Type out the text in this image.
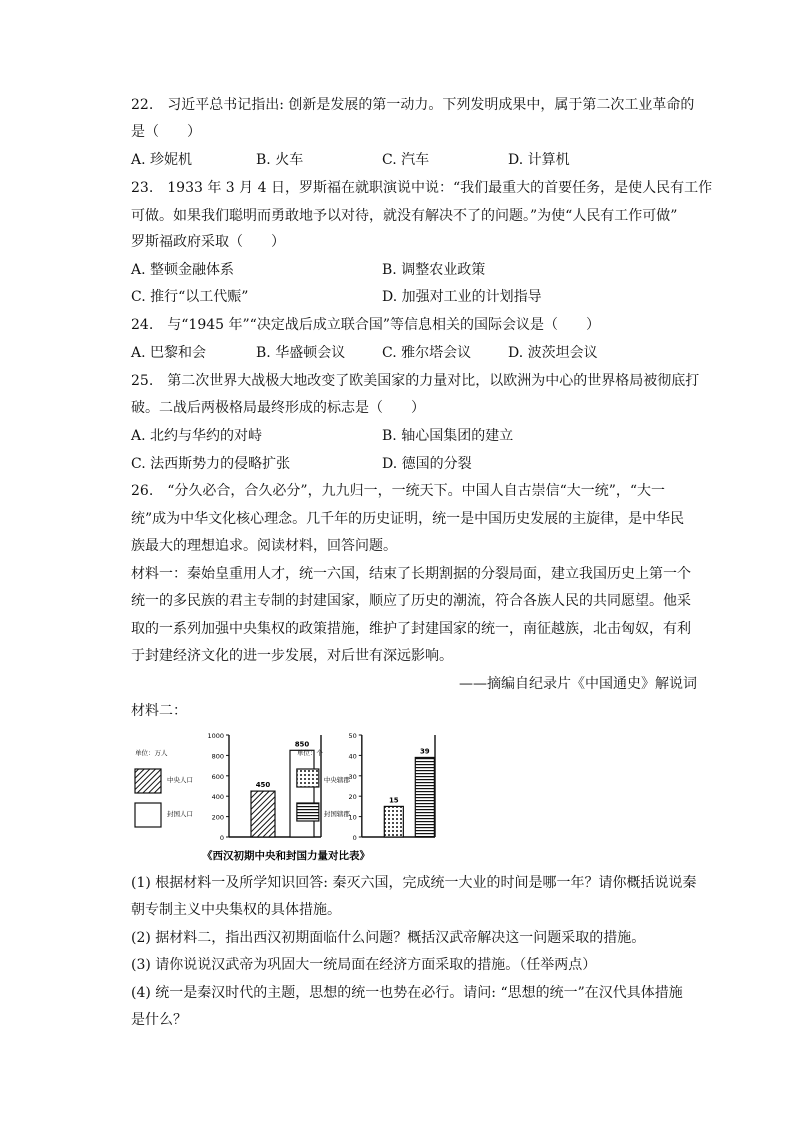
22.　习近平总书记指出: 创新是发展的第一动力。下列发明成果中，属于第二次工业革命的
是（　　）
A. 珍妮机	B. 火车	C. 汽车	D. 计算机
23.　1933 年 3 月 4 日，罗斯福在就职演说中说：“我们最重大的首要任务，是使人民有工作
可做。如果我们聪明而勇敢地予以对待，就没有解决不了的问题。”为使“人民有工作可做”
罗斯福政府采取（　　）
A. 整顿金融体系	B. 调整农业政策
C. 推行“以工代赈”	D. 加强对工业的计划指导
24.　与“1945 年”“决定战后成立联合国”等信息相关的国际会议是（　　）
A. 巴黎和会	B. 华盛顿会议	C. 雅尔塔会议	D. 波茨坦会议
25.　第二次世界大战极大地改变了欧美国家的力量对比，以欧洲为中心的世界格局被彻底打
破。二战后两极格局最终形成的标志是（　　）
A. 北约与华约的对峙	B. 轴心国集团的建立
C. 法西斯势力的侵略扩张	D. 德国的分裂
26.　“分久必合，合久必分”，九九归一，一统天下。中国人自古崇信“大一统”，“大一
统”成为中华文化核心理念。几千年的历史证明，统一是中国历史发展的主旋律，是中华民
族最大的理想追求。阅读材料，回答问题。
材料一：秦始皇重用人才，统一六国，结束了长期割据的分裂局面，建立我国历史上第一个
统一的多民族的君主专制的封建国家，顺应了历史的潮流，符合各族人民的共同愿望。他采
取的一系列加强中央集权的政策措施，维护了封建国家的统一，南征越族，北击匈奴，有利
于封建经济文化的进一步发展，对后世有深远影响。
——摘编自纪录片《中国通史》解说词
材料二：
1000
800
600
400
200
0
单位：万人
中央人口
封国人口
450
850
50
40
30
20
10
0
单位：个
中央辖郡
封国辖郡
15
39
《西汉初期中央和封国力量对比表》
(1) 根据材料一及所学知识回答: 秦灭六国，完成统一大业的时间是哪一年？请你概括说说秦
朝专制主义中央集权的具体措施。
(2) 据材料二，指出西汉初期面临什么问题？概括汉武帝解决这一问题采取的措施。
(3) 请你说说汉武帝为巩固大一统局面在经济方面采取的措施。（任举两点）
(4) 统一是秦汉时代的主题，思想的统一也势在必行。请问: “思想的统一”在汉代具体措施
是什么？
